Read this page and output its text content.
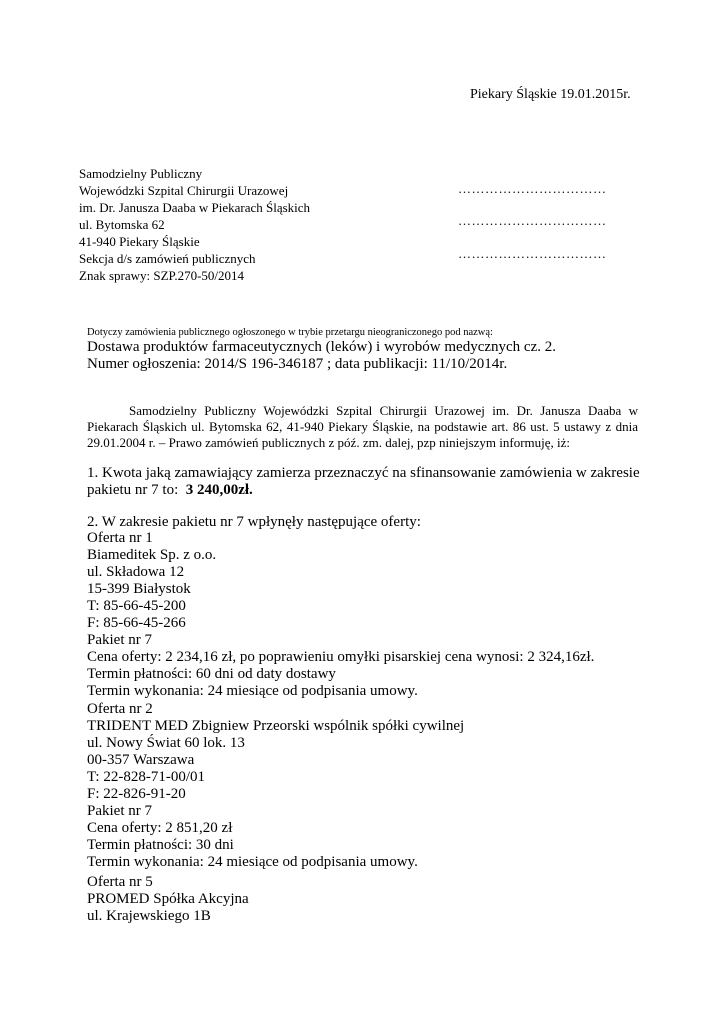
Piekary Śląskie 19.01.2015r.
Samodzielny Publiczny
Wojewódzki Szpital Chirurgii Urazowej
im. Dr. Janusza Daaba w Piekarach Śląskich
ul. Bytomska 62
41-940 Piekary Śląskie
Sekcja d/s zamówień publicznych
Znak sprawy: SZP.270-50/2014
……………………………
……………………………
……………………………
Dotyczy zamówienia publicznego ogłoszonego w trybie przetargu nieograniczonego pod nazwą:
Dostawa produktów farmaceutycznych (leków) i wyrobów medycznych cz. 2.
Numer ogłoszenia: 2014/S 196-346187 ; data publikacji: 11/10/2014r.
Samodzielny Publiczny Wojewódzki Szpital Chirurgii Urazowej im. Dr. Janusza Daaba w
Piekarach Śląskich ul. Bytomska 62, 41-940 Piekary Śląskie, na podstawie art. 86 ust. 5 ustawy z dnia
29.01.2004 r. – Prawo zamówień publicznych z póź. zm. dalej, pzp niniejszym informuję, iż:
1. Kwota jaką zamawiający zamierza przeznaczyć na sfinansowanie zamówienia w zakresie
pakietu nr 7 to:  3 240,00zł.
2. W zakresie pakietu nr 7 wpłynęły następujące oferty:
Oferta nr 1
Biameditek Sp. z o.o.
ul. Składowa 12
15-399 Białystok
T: 85-66-45-200
F: 85-66-45-266
Pakiet nr 7
Cena oferty: 2 234,16 zł, po poprawieniu omyłki pisarskiej cena wynosi: 2 324,16zł.
Termin płatności: 60 dni od daty dostawy
Termin wykonania: 24 miesiące od podpisania umowy.
Oferta nr 2
TRIDENT MED Zbigniew Przeorski wspólnik spółki cywilnej
ul. Nowy Świat 60 lok. 13
00-357 Warszawa
T: 22-828-71-00/01
F: 22-826-91-20
Pakiet nr 7
Cena oferty: 2 851,20 zł
Termin płatności: 30 dni
Termin wykonania: 24 miesiące od podpisania umowy.
Oferta nr 5
PROMED Spółka Akcyjna
ul. Krajewskiego 1B
